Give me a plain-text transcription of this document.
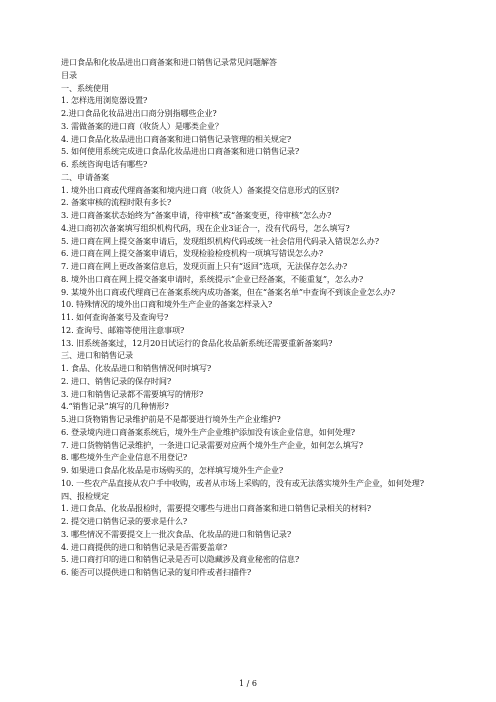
进口食品和化妆品进出口商备案和进口销售记录常见问题解答
目录
一、系统使用
1. 怎样选用浏览器设置?
2.进口食品化妆品进出口商分别指哪些企业?
3. 需做备案的进口商（收货人）是哪类企业？
4. 进口食品化妆品进出口商备案和进口销售记录管理的相关规定?
5. 如何使用系统完成进口食品化妆品进出口商备案和进口销售记录?
6. 系统咨询电话有哪些?
二、申请备案
1. 境外出口商或代理商备案和境内进口商（收货人）备案提交信息形式的区别?
2. 备案审核的流程时限有多长?
3. 进口商备案状态始终为“备案申请，待审核”或“备案变更，待审核”怎么办?
4.进口商初次备案填写组织机构代码，现在企业3证合一，没有代码号，怎么填写?
5. 进口商在网上提交备案申请后，发现组织机构代码或统一社会信用代码录入错误怎么办?
6. 进口商在网上提交备案申请后，发现检验检疫机构一项填写错误怎么办?
7. 进口商在网上更改备案信息后，发现页面上只有“返回”选项，无法保存怎么办?
8. 境外出口商在网上提交备案申请时，系统提示“企业已经备案，不能重复”，怎么办?
9. 某境外出口商或代理商已在备案系统内成功备案，但在“备案名单”中查询不到该企业怎么办?
10. 特殊情况的境外出口商和境外生产企业的备案怎样录入?
11. 如何查询备案号及查询号?
12. 查询号、邮箱等使用注意事项?
13. 旧系统备案过，12月20日试运行的食品化妆品新系统还需要重新备案吗?
三、进口和销售记录
1. 食品、化妆品进口和销售情况何时填写?
2. 进口、销售记录的保存时间?
3. 进口和销售记录都不需要填写的情形?
4.“销售记录”填写的几种情形?
5.进口货物销售记录维护前是不是都要进行境外生产企业维护?
6. 登录境内进口商备案系统后，境外生产企业维护添加没有该企业信息，如何处理?
7. 进口货物销售记录维护，一条进口记录需要对应两个境外生产企业，如何怎么填写?
8. 哪些境外生产企业信息不用登记?
9. 如果进口食品化妆品是市场购买的，怎样填写境外生产企业?
10. 一些农产品直接从农户手中收购，或者从市场上采购的，没有或无法落实境外生产企业，如何处理?
四、报检规定
1. 进口食品、化妆品报检时，需要提交哪些与进出口商备案和进口销售记录相关的材料?
2. 提交进口销售记录的要求是什么?
3. 哪些情况不需要提交上一批次食品、化妆品的进口和销售记录?
4. 进口商提供的进口和销售记录是否需要盖章?
5. 进口商打印的进口和销售记录是否可以隐藏涉及商业秘密的信息?
6. 能否可以提供进口和销售记录的复印件或者扫描件?
1 / 6
